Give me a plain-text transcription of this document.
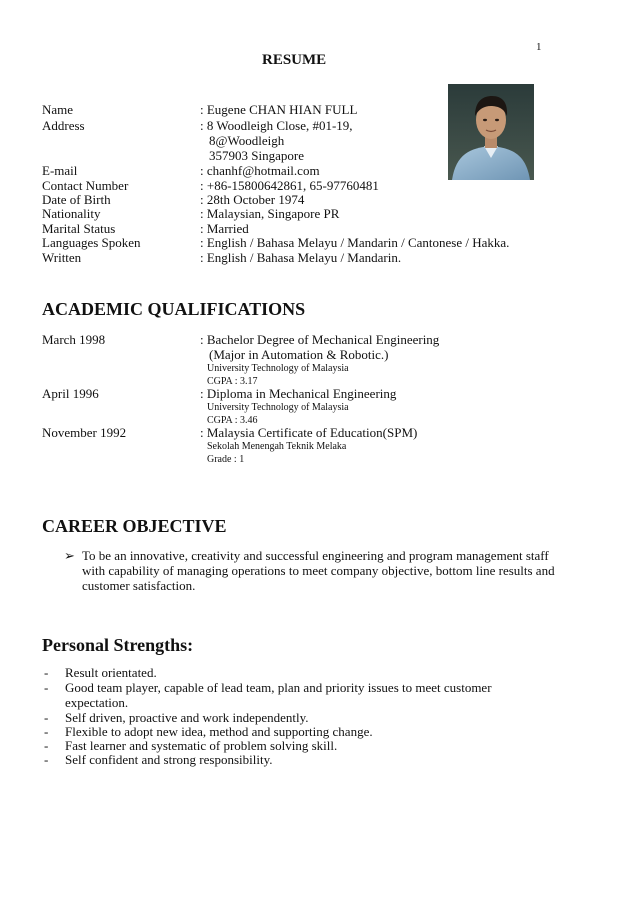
1
RESUME
Name	: Eugene CHAN HIAN FULL
Address	: 8 Woodleigh Close, #01-19,
8@Woodleigh
357903 Singapore
E-mail	: chanhf@hotmail.com
Contact Number	: +86-15800642861, 65-97760481
Date of Birth	: 28th October 1974
Nationality	: Malaysian, Singapore PR
Marital Status	: Married
Languages Spoken	: English / Bahasa Melayu / Mandarin / Cantonese / Hakka.
Written	: English / Bahasa Melayu / Mandarin.
ACADEMIC QUALIFICATIONS
March 1998	: Bachelor Degree of Mechanical Engineering
(Major in Automation & Robotic.)
University Technology of Malaysia
CGPA : 3.17
April 1996	: Diploma in Mechanical Engineering
University Technology of Malaysia
CGPA : 3.46
November 1992	: Malaysia Certificate of Education(SPM)
Sekolah Menengah Teknik Melaka
Grade : 1
CAREER OBJECTIVE
➢ To be an innovative, creativity and successful engineering and program management staff
with capability of managing operations to meet company objective, bottom line results and
customer satisfaction.
Personal Strengths:
- Result orientated.
- Good team player, capable of lead team, plan and priority issues to meet customer
expectation.
- Self driven, proactive and work independently.
- Flexible to adopt new idea, method and supporting change.
- Fast learner and systematic of problem solving skill.
- Self confident and strong responsibility.
